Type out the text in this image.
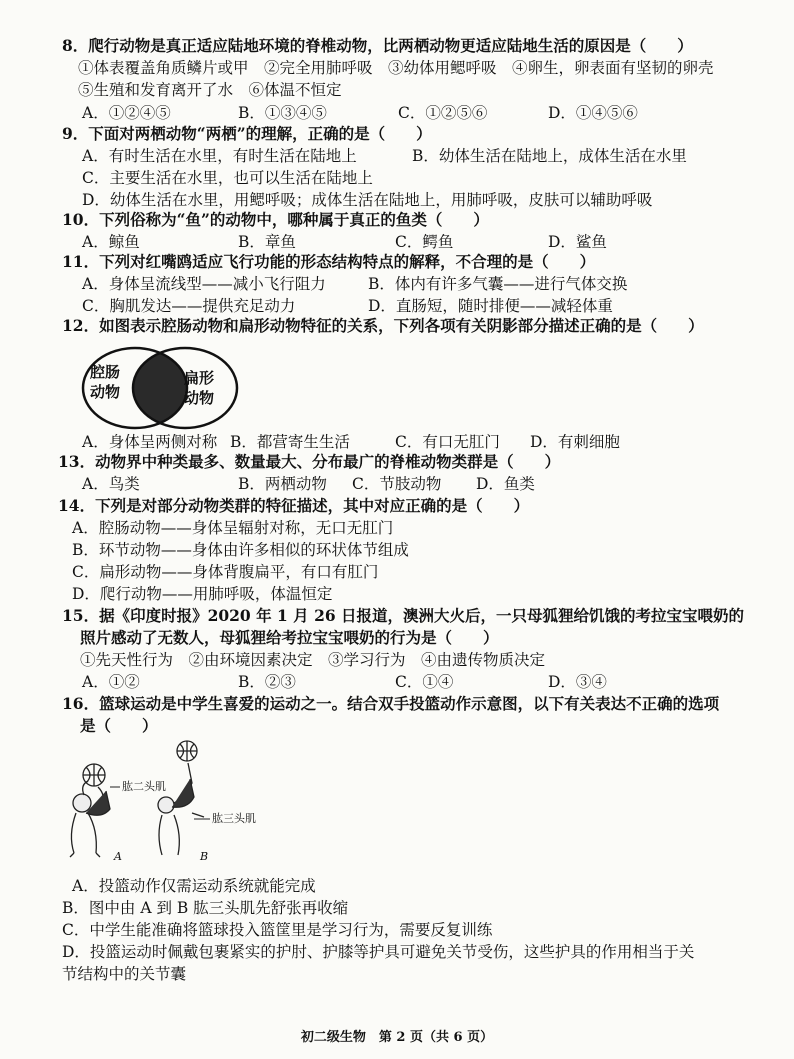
8．爬行动物是真正适应陆地环境的脊椎动物，比两栖动物更适应陆地生活的原因是（　　）
①体表覆盖角质鳞片或甲　②完全用肺呼吸　③幼体用鳃呼吸　④卵生，卵表面有坚韧的卵壳
⑤生殖和发育离开了水　⑥体温不恒定
A．①②④⑤	B．①③④⑤	C．①②⑤⑥	D．①④⑤⑥
9．下面对两栖动物“两栖”的理解，正确的是（　　）
A．有时生活在水里，有时生活在陆地上	B．幼体生活在陆地上，成体生活在水里
C．主要生活在水里，也可以生活在陆地上
D．幼体生活在水里，用鳃呼吸；成体生活在陆地上，用肺呼吸，皮肤可以辅助呼吸
10．下列俗称为“鱼”的动物中，哪种属于真正的鱼类（　　）
A．鲸鱼	B．章鱼	C．鳄鱼	D．鲨鱼
11．下列对红嘴鸥适应飞行功能的形态结构特点的解释，不合理的是（　　）
A．身体呈流线型——减小飞行阻力	B．体内有许多气囊——进行气体交换
C．胸肌发达——提供充足动力	D．直肠短，随时排便——减轻体重
12．如图表示腔肠动物和扁形动物特征的关系，下列各项有关阴影部分描述正确的是（　　）
腔肠
动物
扁形
动物
A．身体呈两侧对称 B．都营寄生生活	C．有口无肛门 D．有刺细胞
13．动物界中种类最多、数量最大、分布最广的脊椎动物类群是（　　）
A．鸟类	B．两栖动物 C．节肢动物 D．鱼类
14．下列是对部分动物类群的特征描述，其中对应正确的是（　　）
A．腔肠动物——身体呈辐射对称，无口无肛门
B．环节动物——身体由许多相似的环状体节组成
C．扁形动物——身体背腹扁平，有口有肛门
D．爬行动物——用肺呼吸，体温恒定
15．据《印度时报》2020 年 1 月 26 日报道，澳洲大火后，一只母狐狸给饥饿的考拉宝宝喂奶的
照片感动了无数人，母狐狸给考拉宝宝喂奶的行为是（　　）
①先天性行为　②由环境因素决定　③学习行为　④由遗传物质决定
A．①②	B．②③	C．①④	D．③④
16．篮球运动是中学生喜爱的运动之一。结合双手投篮动作示意图，以下有关表达不正确的选项
是（　　）
肱二头肌
肱三头肌
A	B
A．投篮动作仅需运动系统就能完成
B．图中由 A 到 B 肱三头肌先舒张再收缩
C．中学生能准确将篮球投入篮筐里是学习行为，需要反复训练
D．投篮运动时佩戴包裹紧实的护肘、护膝等护具可避免关节受伤，这些护具的作用相当于关
节结构中的关节囊
初二级生物　第 2 页（共 6 页）
